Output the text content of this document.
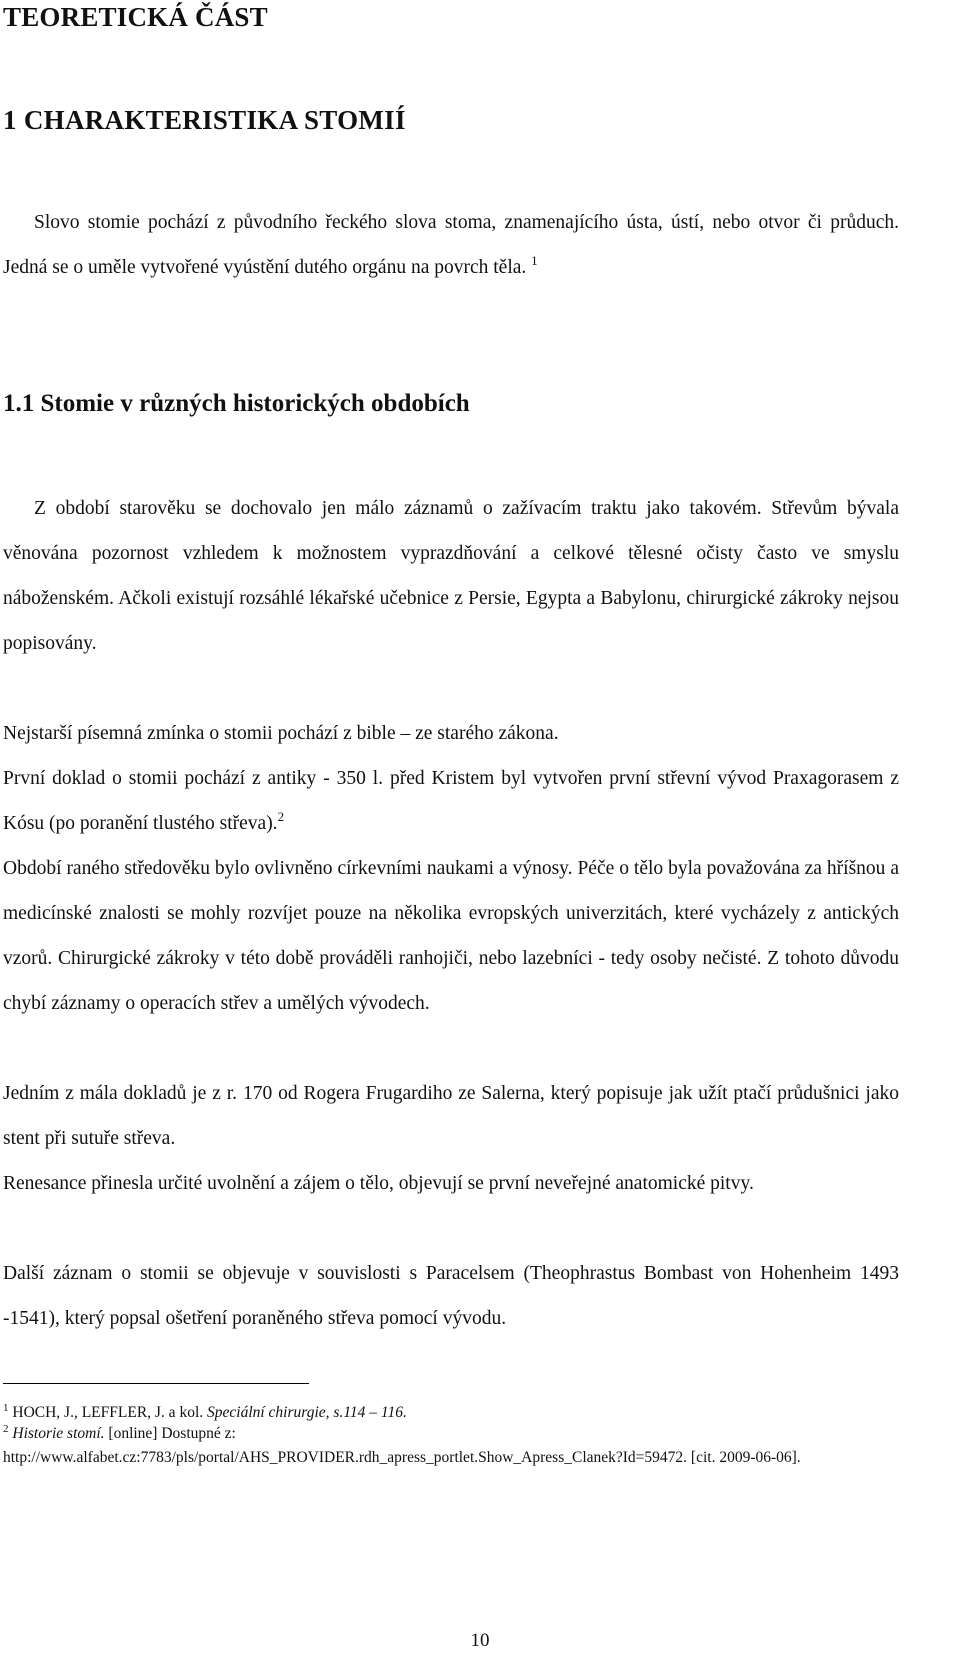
TEORETICKÁ ČÁST
1 CHARAKTERISTIKA STOMIÍ

Slovo stomie pochází z původního řeckého slova stoma, znamenajícího ústa, ústí, nebo otvor či průduch. Jedná se o uměle vytvořené vyústění dutého orgánu na povrch těla. $^1$

1.1 Stomie v různých historických obdobích

Z období starověku se dochovalo jen málo záznamů o zažívacím traktu jako takovém. Střevům bývala věnována pozornost vzhledem k možnostem vyprazdňování a celkové tělesné očisty často ve smyslu náboženském. Ačkoli existují rozsáhlé lékařské učebnice z Persie, Egypta a Babylonu, chirurgické zákroky nejsou popisovány.

Nejstarší písemná zmínka o stomii pochází z bible – ze starého zákona.

První doklad o stomii pochází z antiky - 350 l. před Kristem byl vytvořen první střevní vývod Praxagorasem z Kósu (po poranění tlustého střeva).$^2$

Období raného středověku bylo ovlivněno církevními naukami a výnosy. Péče o tělo byla považována za hříšnou a medicínské znalosti se mohly rozvíjet pouze na několika evropských univerzitách, které vycházely z antických vzorů. Chirurgické zákroky v této době prováděli ranhojiči, nebo lazebníci - tedy osoby nečisté. Z tohoto důvodu chybí záznamy o operacích střev a umělých vývodech.

Jedním z mála dokladů je z r. 170 od Rogera Frugardiho ze Salerna, který popisuje jak užít ptačí průdušnici jako stent při sutuře střeva.

Renesance přinesla určité uvolnění a zájem o tělo, objevují se první neveřejné anatomické pitvy.

Další záznam o stomii se objevuje v souvislosti s Paracelsem (Theophrastus Bombast von Hohenheim 1493 -1541), který popsal ošetření poraněného střeva pomocí vývodu.

$^1$ HOCH, J., LEFFLER, J. a kol. Speciální chirurgie, s.114 – 116.

$^2$ Historie stomí. [online] Dostupné z:

http://www.alfabet.cz:7783/pls/portal/AHS_PROVIDER.rdh_apress_portlet.Show_Apress_Clanek?Id=59472. [cit. 2009-06-06].

10
